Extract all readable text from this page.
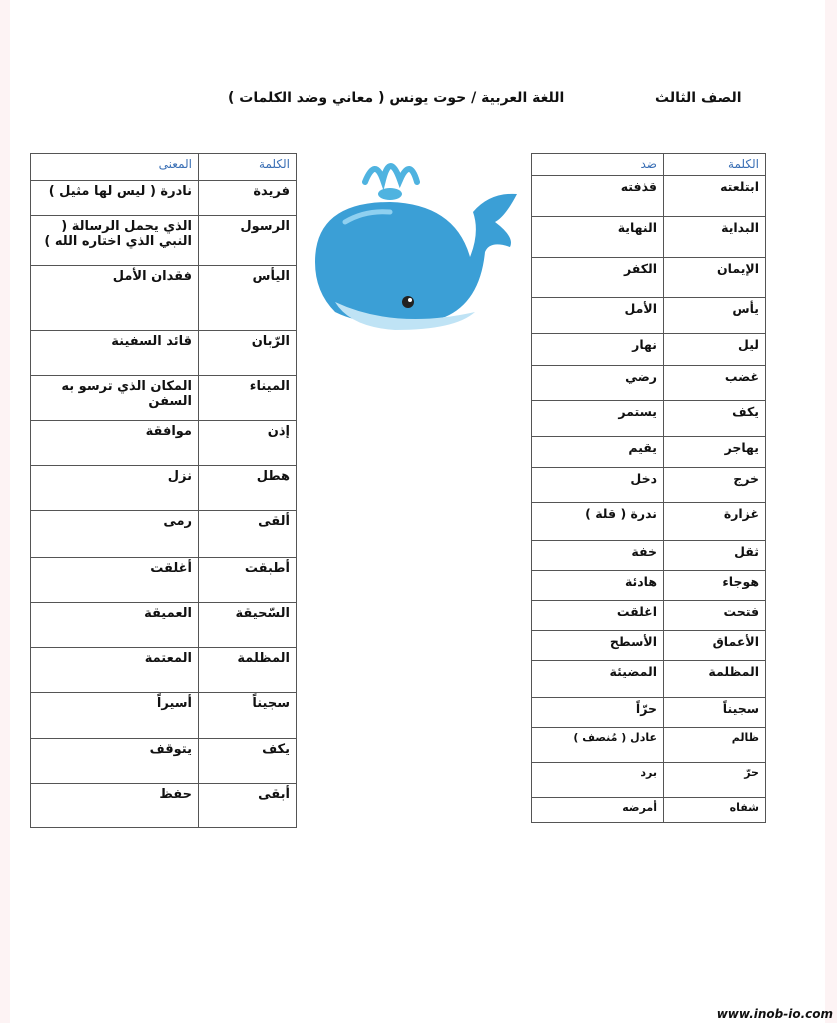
الصف الثالث
اللغة العربية / حوت يونس ( معاني وضد الكلمات )
الكلمة	المعنى
فريدة	نادرة ( ليس لها مثيل )
الرسول	الذي يحمل الرسالة ( النبي الذي اختاره الله )
اليأس	فقدان الأمل
الرّبان	قائد السفينة
الميناء	المكان الذي ترسو به السفن
إذن	موافقة
هطل	نزل
ألقى	رمى
أطبقت	أغلقت
السّحيقة	العميقة
المظلمة	المعتمة
سجيناً	أسيراً
يكف	يتوقف
أبقى	حفظ
الكلمة	ضد
ابتلعته	قذفته
البداية	النهاية
الإيمان	الكفر
يأس	الأمل
ليل	نهار
غضب	رضي
يكف	يستمر
يهاجر	يقيم
خرج	دخل
غزارة	ندرة ( قلة )
ثقل	خفة
هوجاء	هادئة
فتحت	اغلقت
الأعماق	الأسطح
المظلمة	المضيئة
سجيناً	حرّاً
ظالم	عادل ( مُنصف )
حرّ	برد
شفاه	أمرضه
www.inob-io.com
